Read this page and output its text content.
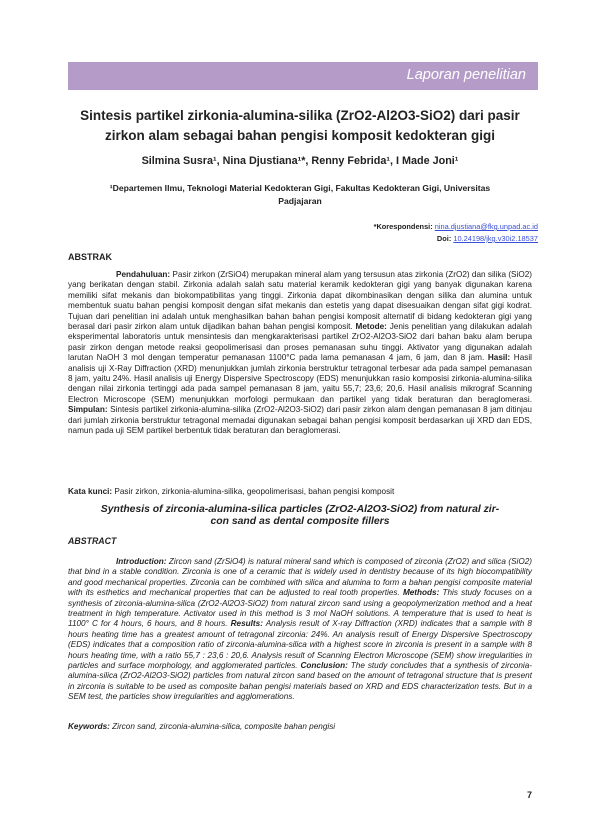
Laporan penelitian
Sintesis partikel zirkonia-alumina-silika (ZrO2-Al2O3-SiO2) dari pasir
zirkon alam sebagai bahan pengisi komposit kedokteran gigi
Silmina Susra¹, Nina Djustiana¹*, Renny Febrida¹, I Made Joni¹
¹Departemen Ilmu, Teknologi Material Kedokteran Gigi, Fakultas Kedokteran Gigi, Universitas
Padjajaran
*Korespondensi: nina.djustiana@fkg.unpad.ac.id
Doi: 10.24198/jkg.v30i2.18537
ABSTRAK

Pendahuluan: Pasir zirkon (ZrSiO4) merupakan mineral alam yang tersusun atas zirkonia (ZrO2) dan silika (SiO2) yang berikatan dengan stabil. Zirkonia adalah salah satu material keramik kedokteran gigi yang banyak digunakan karena memiliki sifat mekanis dan biokompatibilitas yang tinggi. Zirkonia dapat dikombinasikan dengan silika dan alumina untuk membentuk suatu bahan pengisi komposit dengan sifat mekanis dan estetis yang dapat disesuaikan dengan sifat gigi kodrat. Tujuan dari penelitian ini adalah untuk menghasilkan bahan bahan pengisi komposit alternatif di bidang kedokteran gigi yang berasal dari pasir zirkon alam untuk dijadikan bahan bahan pengisi komposit. Metode: Jenis penelitian yang dilakukan adalah eksperimental laboratoris untuk mensintesis dan mengkarakterisasi partikel ZrO2-Al2O3-SiO2 dari bahan baku alam berupa pasir zirkon dengan metode reaksi geopolimerisasi dan proses pemanasan suhu tinggi. Aktivator yang digunakan adalah larutan NaOH 3 mol dengan temperatur pemanasan 1100°C pada lama pemanasan 4 jam, 6 jam, dan 8 jam. Hasil: Hasil analisis uji X-Ray Diffraction (XRD) menunjukkan jumlah zirkonia berstruktur tetragonal terbesar ada pada sampel pemanasan 8 jam, yaitu 24%. Hasil analisis uji Energy Dispersive Spectroscopy (EDS) menunjukkan rasio komposisi zirkonia-alumina-silika dengan nilai zirkonia tertinggi ada pada sampel pemanasan 8 jam, yaitu 55,7; 23,6; 20,6. Hasil analisis mikrograf Scanning Electron Microscope (SEM) menunjukkan morfologi permukaan dan partikel yang tidak beraturan dan beraglomerasi. Simpulan: Sintesis partikel zirkonia-alumina-silika (ZrO2-Al2O3-SiO2) dari pasir zirkon alam dengan pemanasan 8 jam ditinjau dari jumlah zirkonia berstruktur tetragonal memadai digunakan sebagai bahan pengisi komposit berdasarkan uji XRD dan EDS, namun pada uji SEM partikel berbentuk tidak beraturan dan beraglomerasi.

Kata kunci: Pasir zirkon, zirkonia-alumina-silika, geopolimerisasi, bahan pengisi komposit
Synthesis of zirconia-alumina-silica particles (ZrO2-Al2O3-SiO2) from natural zir-
con sand as dental composite fillers
ABSTRACT

Introduction: Zircon sand (ZrSiO4) is natural mineral sand which is composed of zirconia (ZrO2) and silica (SiO2) that bind in a stable condition. Zirconia is one of a ceramic that is widely used in dentistry because of its high biocompatibility and good mechanical properties. Zirconia can be combined with silica and alumina to form a bahan pengisi composite material with its esthetics and mechanical properties that can be adjusted to real tooth properties. Methods: This study focuses on a synthesis of zirconia-alumina-silica (ZrO2-Al2O3-SiO2) from natural zircon sand using a geopolymerization method and a heat treatment in high temperature. Activator used in this method is 3 mol NaOH solutions. A temperature that is used to heat is 1100° C for 4 hours, 6 hours, and 8 hours. Results: Analysis result of X-ray Diffraction (XRD) indicates that a sample with 8 hours heating time has a greatest amount of tetragonal zirconia: 24%. An analysis result of Energy Dispersive Spectroscopy (EDS) indicates that a composition ratio of zirconia-alumina-silica with a highest score in zirconia is present in a sample with 8 hours heating time, with a ratio 55,7 : 23,6 : 20,6. Analysis result of Scanning Electron Microscope (SEM) show irregularities in particles and surface morphology, and agglomerated particles. Conclusion: The study concludes that a synthesis of zirconia-alumina-silica (ZrO2-Al2O3-SiO2) particles from natural zircon sand based on the amount of tetragonal structure that is present in zirconia is suitable to be used as composite bahan pengisi materials based on XRD and EDS characterization tests. But in a SEM test, the particles show irregularities and agglomerations.

Keywords: Zircon sand, zirconia-alumina-silica, composite bahan pengisi
7
